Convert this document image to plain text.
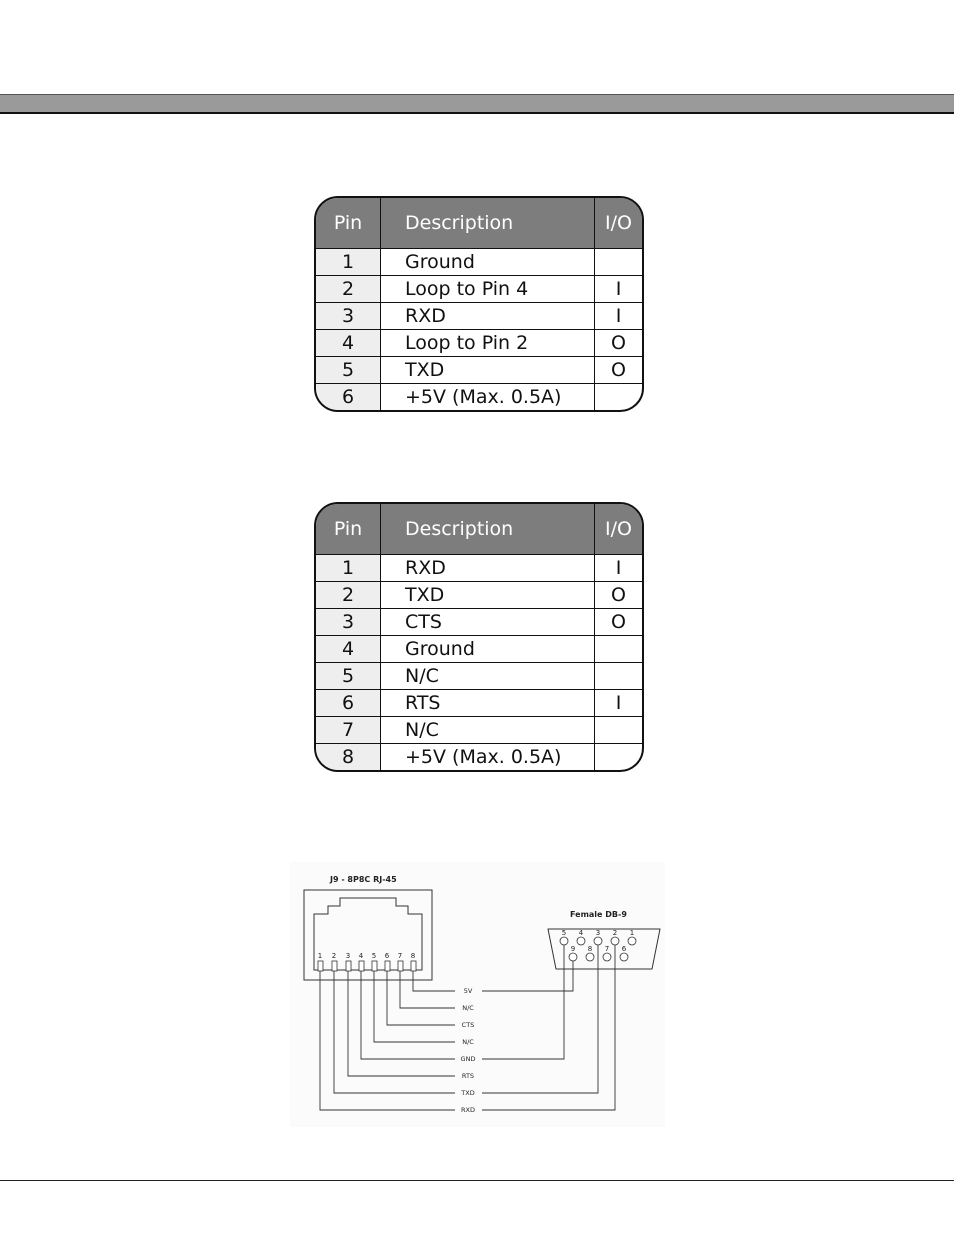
Pin	Description	I/O
1	Ground	
2	Loop to Pin 4	I
3	RXD	I
4	Loop to Pin 2	O
5	TXD	O
6	+5V (Max. 0.5A)	
Pin	Description	I/O
1	RXD	I
2	TXD	O
3	CTS	O
4	Ground	
5	N/C	
6	RTS	I
7	N/C	
8	+5V (Max. 0.5A)	
J9 - 8P8C RJ-45
Female DB-9
1 2 3 4 5 6 7 8
5 4 3 2 1
9 8 7 6
5V
N/C
CTS
N/C
GND
RTS
TXD
RXD
